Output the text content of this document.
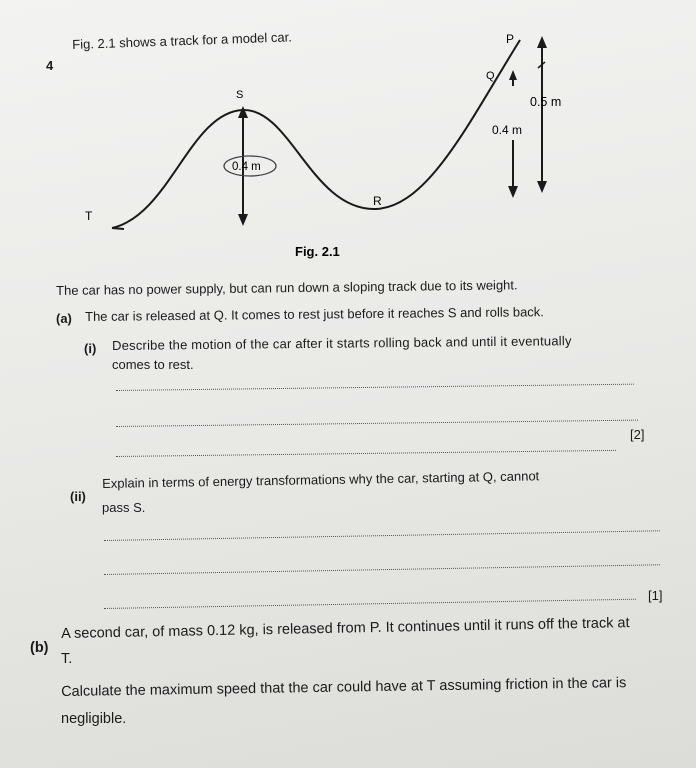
4
Fig. 2.1 shows a track for a model car.	P
Q
S
R
T
0.4 m
0.4 m
0.5 m
Fig. 2.1
The car has no power supply, but can run down a sloping track due to its weight.
(a) The car is released at Q. It comes to rest just before it reaches S and rolls back.
(i) Describe the motion of the car after it starts rolling back and until it eventually
comes to rest.
[2]
(ii)
Explain in terms of energy transformations why the car, starting at Q, cannot
pass S.
[1]
(b)
A second car, of mass 0.12 kg, is released from P. It continues until it runs off the track at
T.
Calculate the maximum speed that the car could have at T assuming friction in the car is
negligible.
